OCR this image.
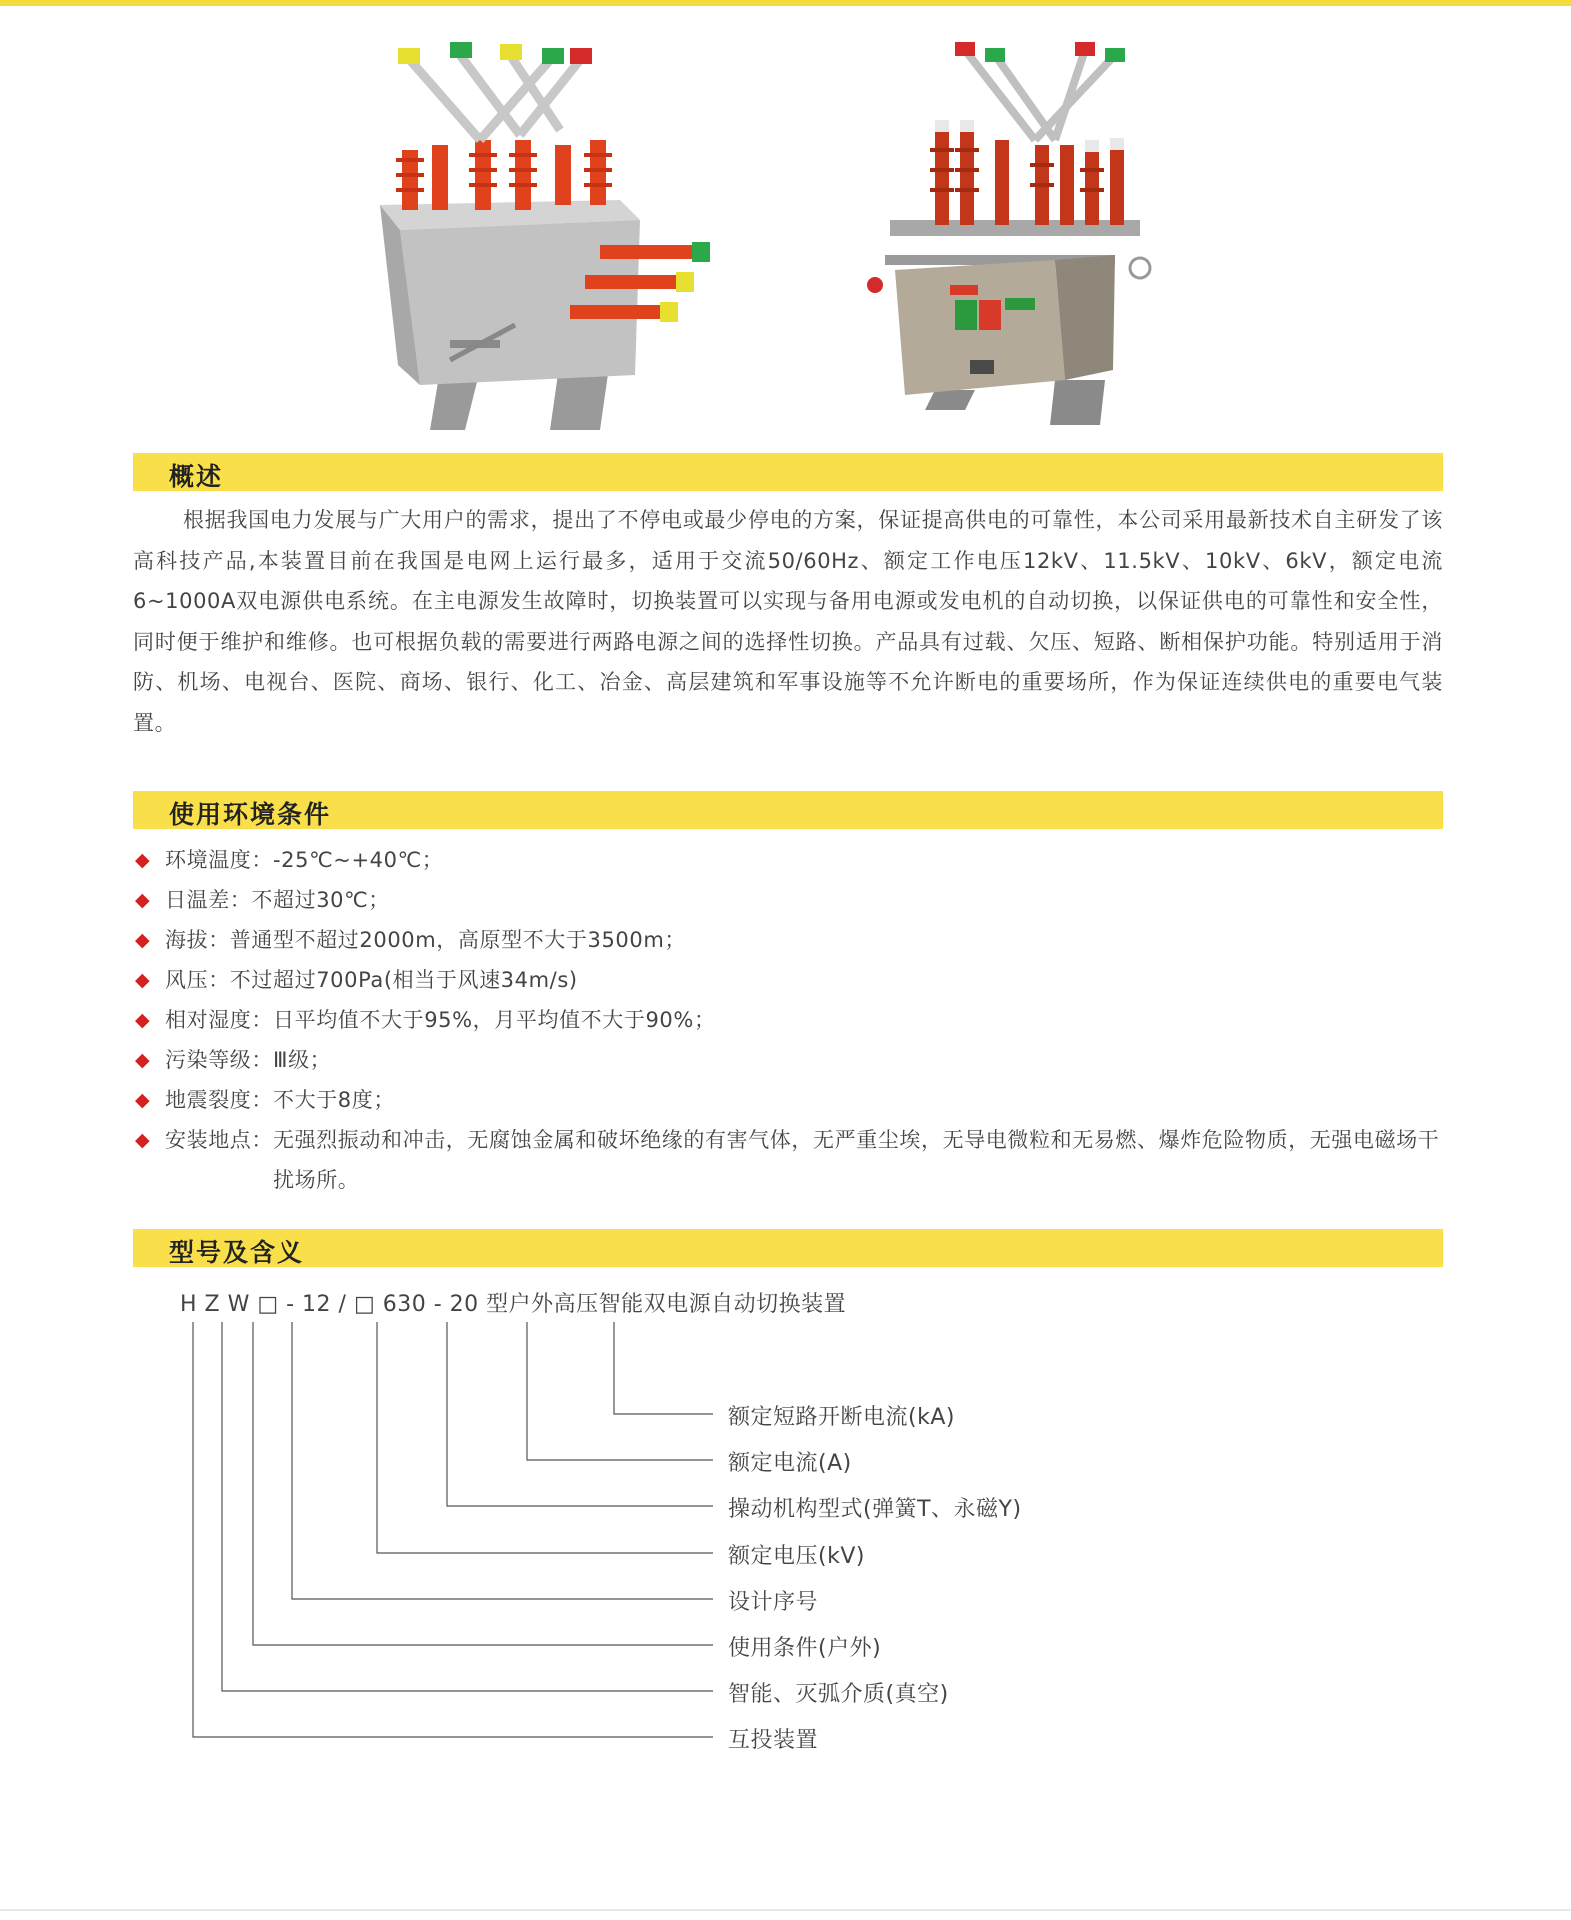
概述
根据我国电力发展与广大用户的需求，提出了不停电或最少停电的方案，保证提高供电的可靠性，本公司采用最新技术自主研发了该高科技产品,本装置目前在我国是电网上运行最多，适用于交流50/60Hz、额定工作电压12kV、11.5kV、10kV、6kV，额定电流6~1000A双电源供电系统。在主电源发生故障时，切换装置可以实现与备用电源或发电机的自动切换，以保证供电的可靠性和安全性，同时便于维护和维修。也可根据负载的需要进行两路电源之间的选择性切换。产品具有过载、欠压、短路、断相保护功能。特别适用于消防、机场、电视台、医院、商场、银行、化工、冶金、高层建筑和军事设施等不允许断电的重要场所，作为保证连续供电的重要电气装置。
使用环境条件
◆ 环境温度：-25℃~+40℃；
◆ 日温差：不超过30℃；
◆ 海拔：普通型不超过2000m，高原型不大于3500m；
◆ 风压：不过超过700Pa(相当于风速34m/s)
◆ 相对湿度：日平均值不大于95%，月平均值不大于90%；
◆ 污染等级：Ⅲ级；
◆ 地震裂度：不大于8度；
◆ 安装地点： 无强烈振动和冲击，无腐蚀金属和破坏绝缘的有害气体，无严重尘埃，无导电微粒和无易燃、爆炸危险物质，无强电磁场干扰场所。
型号及含义
H Z W □ - 12 / □ 630 - 20 型户外高压智能双电源自动切换装置
额定短路开断电流(kA)
额定电流(A)
操动机构型式(弹簧T、永磁Y)
额定电压(kV)
设计序号
使用条件(户外)
智能、灭弧介质(真空)
互投装置
